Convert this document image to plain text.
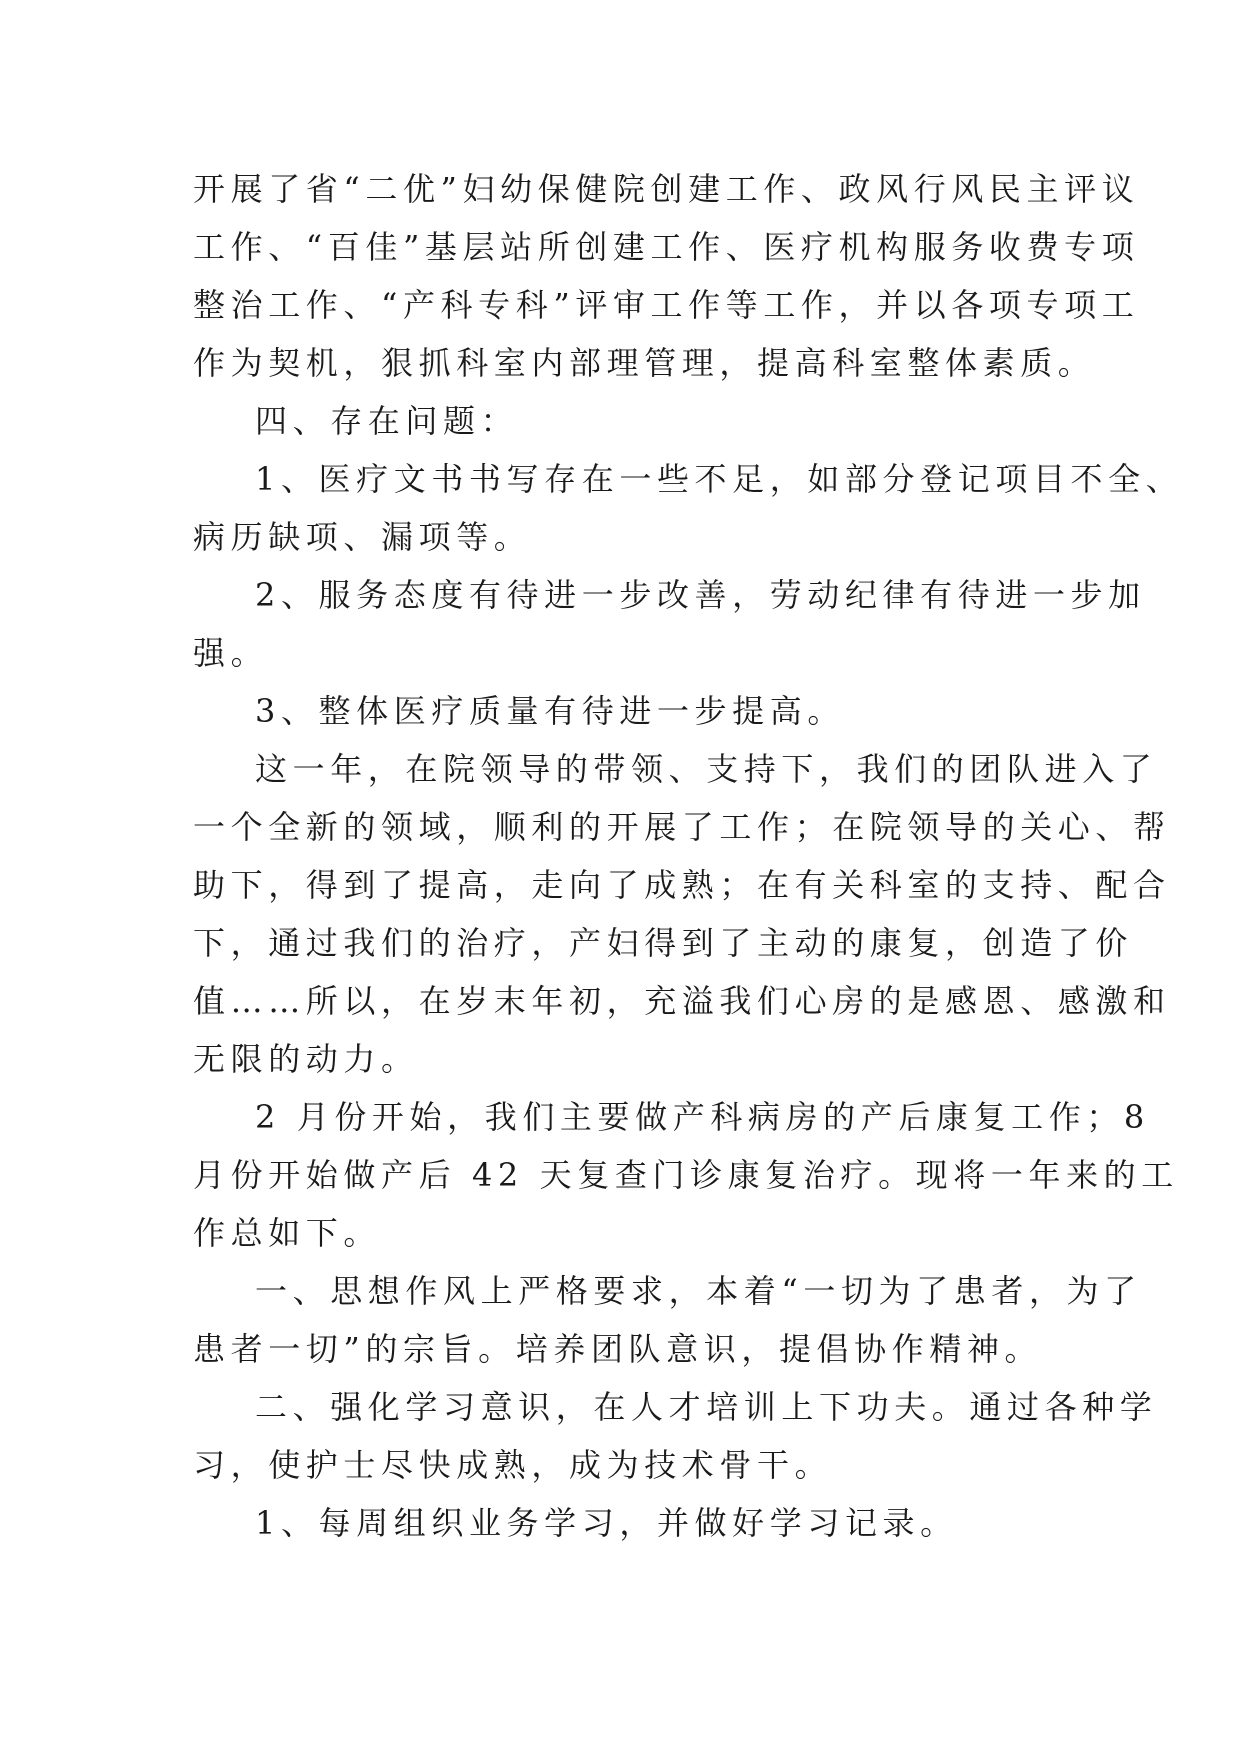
开展了省“二优”妇幼保健院创建工作、政风行风民主评议
工作、“百佳”基层站所创建工作、医疗机构服务收费专项
整治工作、“产科专科”评审工作等工作，并以各项专项工
作为契机，狠抓科室内部理管理，提高科室整体素质。
四、存在问题：
1、医疗文书书写存在一些不足，如部分登记项目不全、
病历缺项、漏项等。
2、服务态度有待进一步改善，劳动纪律有待进一步加
强。
3、整体医疗质量有待进一步提高。
这一年，在院领导的带领、支持下，我们的团队进入了
一个全新的领域，顺利的开展了工作；在院领导的关心、帮
助下，得到了提高，走向了成熟；在有关科室的支持、配合
下，通过我们的治疗，产妇得到了主动的康复，创造了价
值……所以，在岁末年初，充溢我们心房的是感恩、感激和
无限的动力。
2 月份开始，我们主要做产科病房的产后康复工作；8
月份开始做产后 42 天复查门诊康复治疗。现将一年来的工
作总如下。
一、思想作风上严格要求，本着“一切为了患者，为了
患者一切”的宗旨。培养团队意识，提倡协作精神。
二、强化学习意识，在人才培训上下功夫。通过各种学
习，使护士尽快成熟，成为技术骨干。
1、每周组织业务学习，并做好学习记录。
